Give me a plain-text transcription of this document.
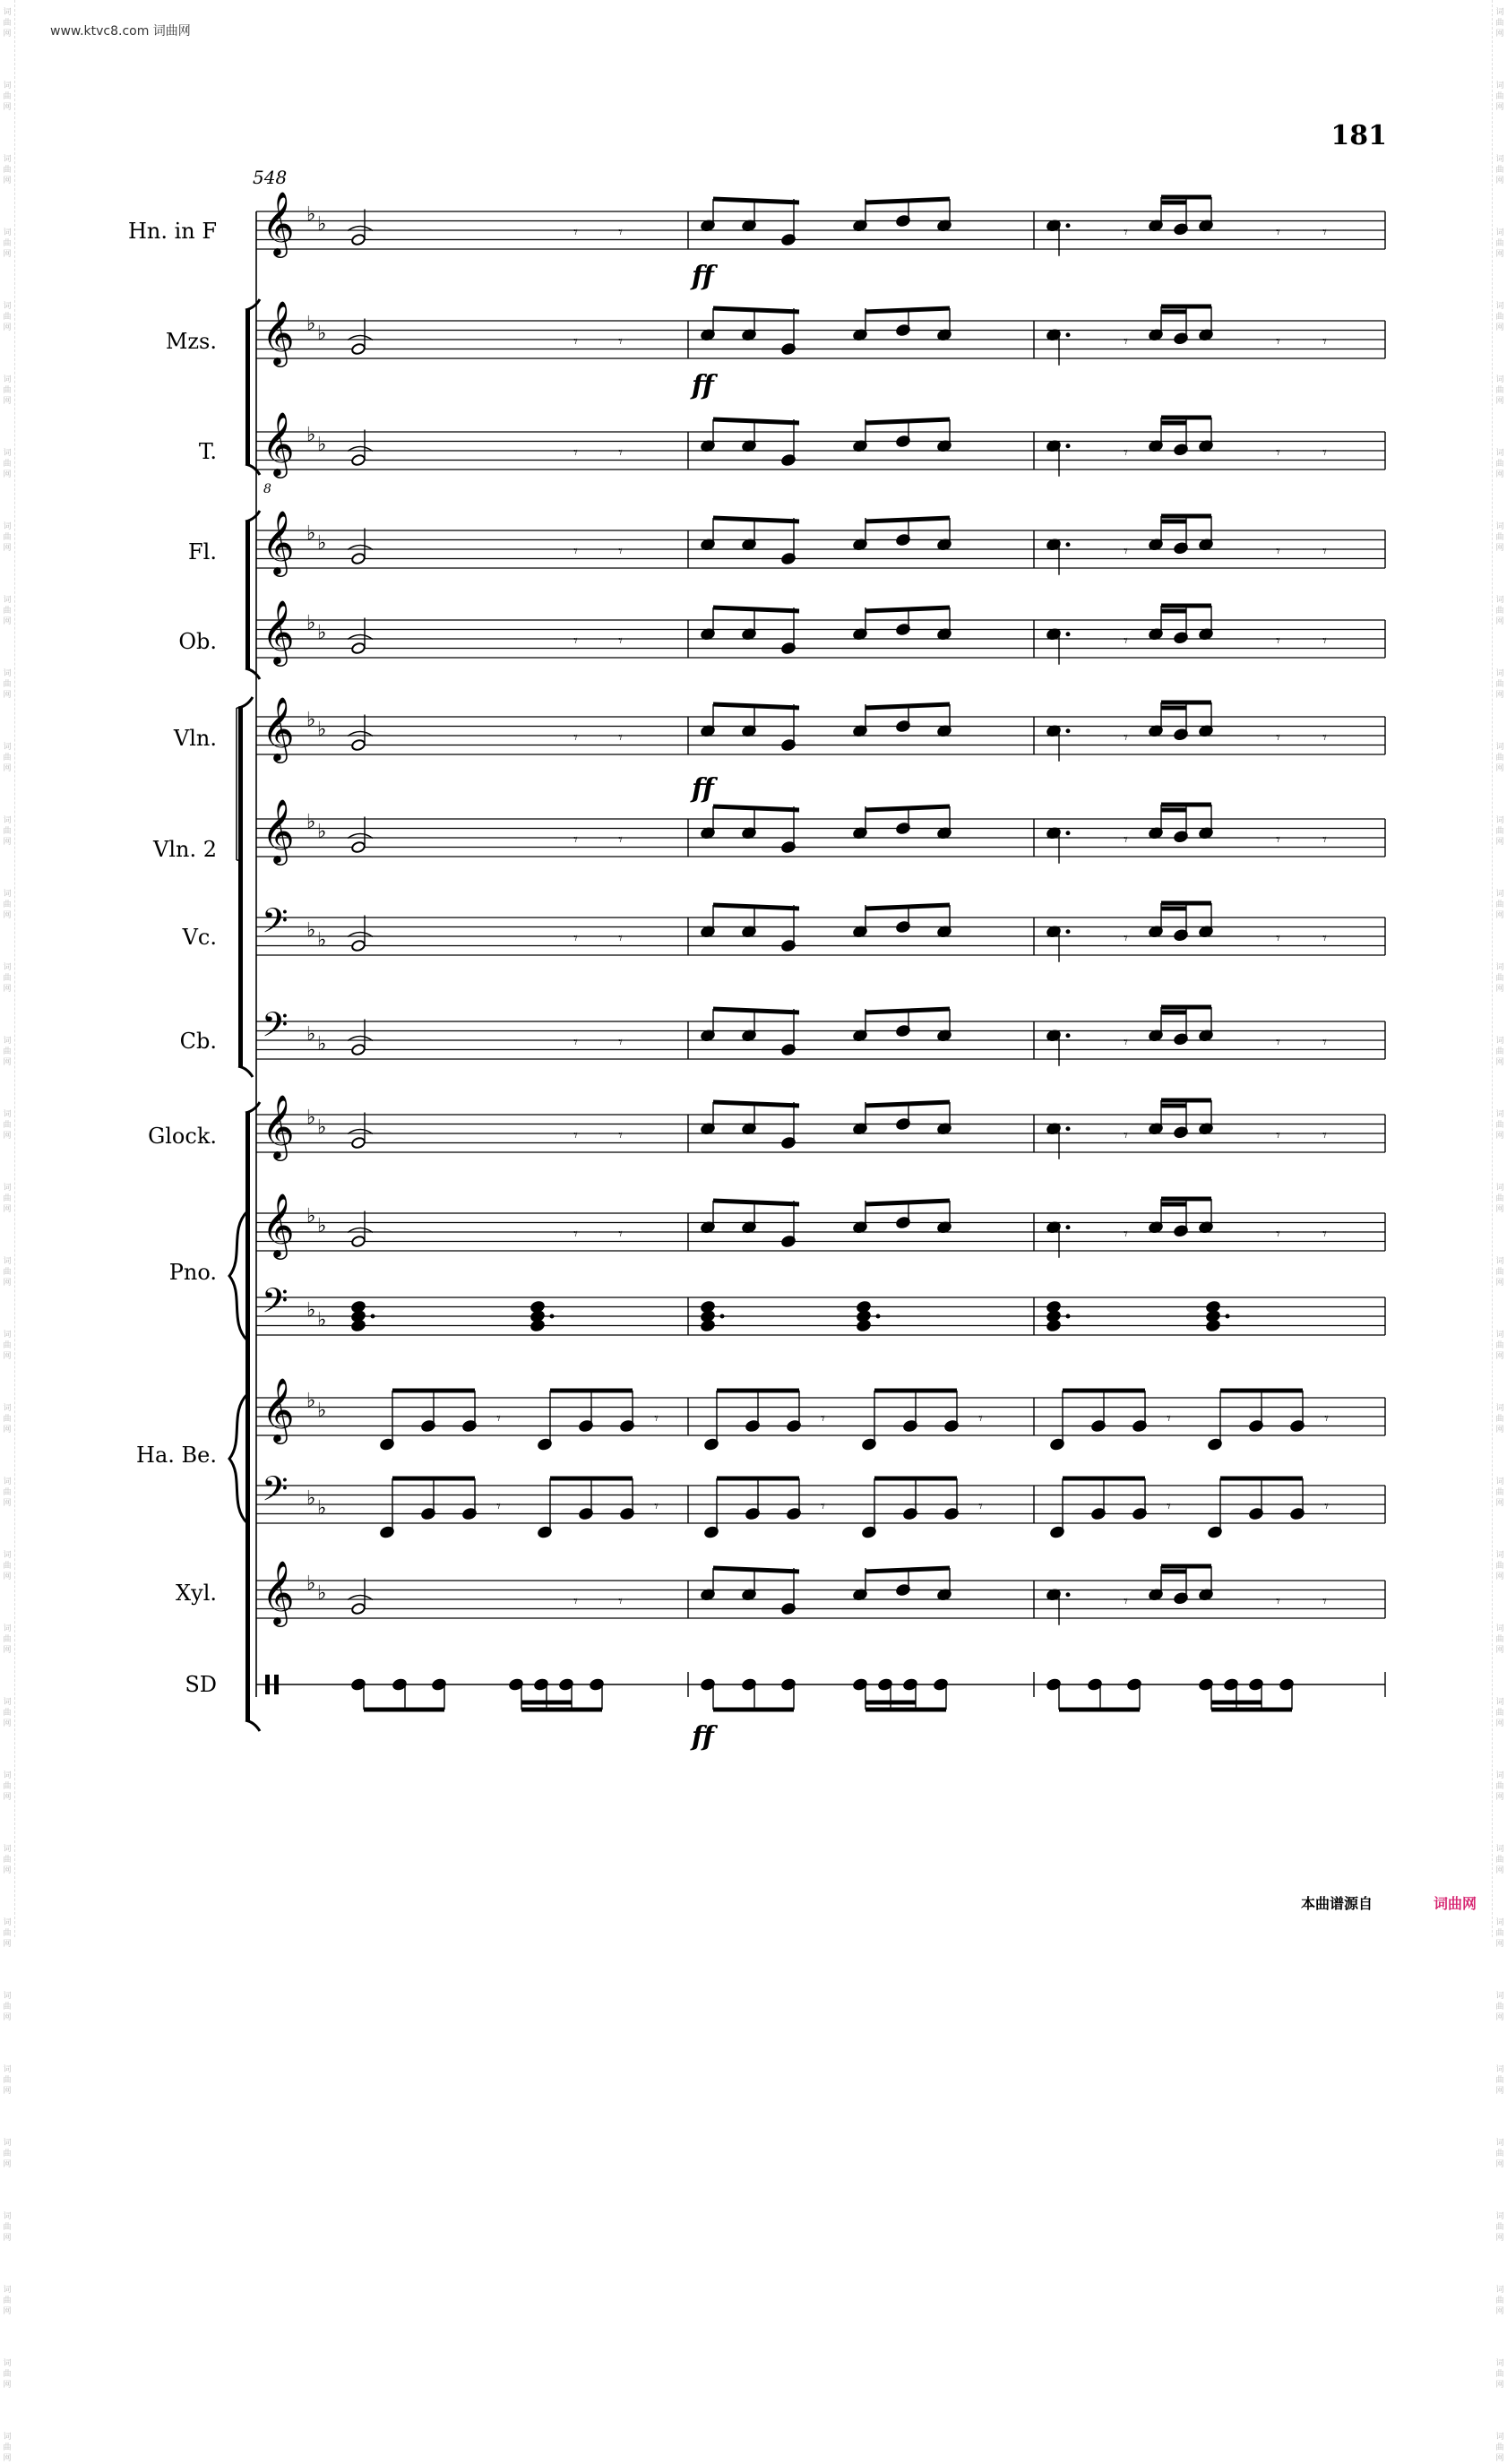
词曲网
词曲网
词曲网
词曲网
词曲网
词曲网
词曲网
词曲网
词曲网
词曲网
词曲网
词曲网
词曲网
词曲网
词曲网
词曲网
词曲网
词曲网
词曲网
词曲网
词曲网
词曲网
词曲网
词曲网
词曲网
词曲网
词曲网
词曲网
词曲网
词曲网
词曲网
词曲网
词曲网
词曲网
词曲网
词曲网
词曲网
词曲网
词曲网
词曲网
词曲网
词曲网
词曲网
词曲网
词曲网
词曲网
词曲网
词曲网
词曲网
词曲网
词曲网
词曲网
词曲网
词曲网
词曲网
词曲网
词曲网
词曲网
词曲网
词曲网
词曲网
词曲网
词曲网
词曲网
词曲网
词曲网
词曲网
词曲网
www.ktvc8.com 词曲网
181
548
Hn. in F
Mzs.
T.
Fl.
Ob.
Vln.
Vln. 2
Vc.
Cb.
Glock.
Pno.
Ha. Be.
Xyl.
SD
𝄞 ♭ ♭
𝄞 ♭ ♭
𝄞 ♭ ♭
8
𝄞 ♭ ♭
𝄞 ♭ ♭
𝄞 ♭ ♭
𝄞 ♭ ♭
𝄢 ♭ ♭
𝄢 ♭ ♭
𝄞 ♭ ♭
𝄞 ♭ ♭
𝄢 ♭ ♭
𝄞 ♭ ♭
𝄢 ♭ ♭
𝄞 ♭ ♭
𝄾	𝄾	𝄾	𝄾	𝄾
𝄾	𝄾	𝄾	𝄾	𝄾
𝄾	𝄾	𝄾	𝄾	𝄾
𝄾	𝄾	𝄾	𝄾	𝄾
𝄾	𝄾	𝄾	𝄾	𝄾
𝄾	𝄾	𝄾	𝄾	𝄾
𝄾	𝄾	𝄾	𝄾	𝄾
𝄾	𝄾	𝄾	𝄾	𝄾
𝄾	𝄾	𝄾	𝄾	𝄾
𝄾	𝄾	𝄾	𝄾	𝄾
𝄾	𝄾	𝄾	𝄾	𝄾
𝄾	𝄾	𝄾	𝄾	𝄾	𝄾
𝄾	𝄾	𝄾	𝄾	𝄾	𝄾
𝄾	𝄾	𝄾	𝄾	𝄾
ff
ff
ff
ff
本曲谱源自	词曲网
